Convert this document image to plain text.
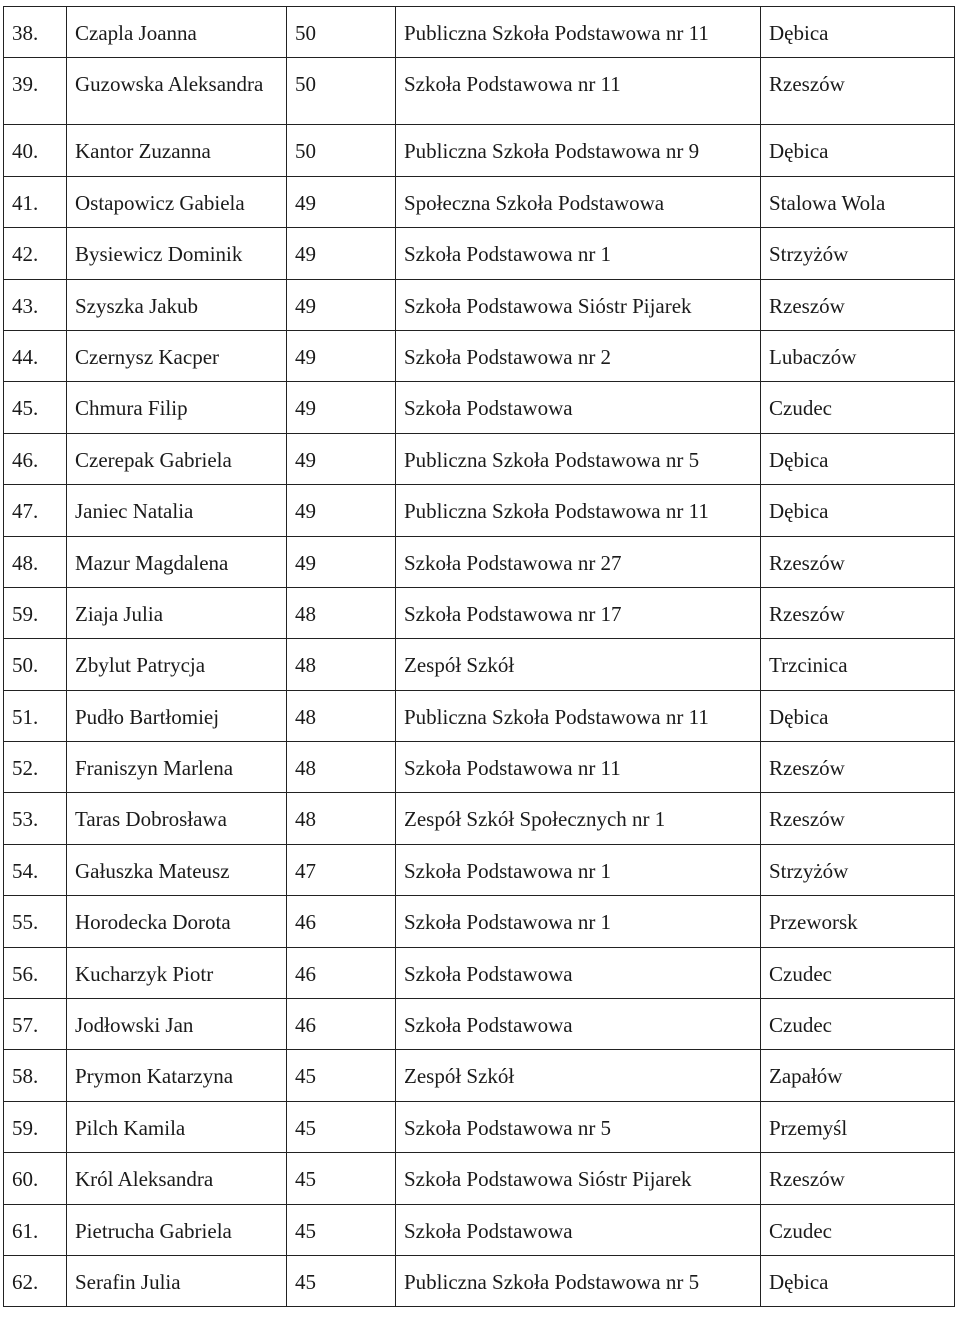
38.	Czapla Joanna	50	Publiczna Szkoła Podstawowa nr 11	Dębica
39.	Guzowska Aleksandra	50	Szkoła Podstawowa nr 11	Rzeszów
40.	Kantor Zuzanna	50	Publiczna Szkoła Podstawowa nr 9	Dębica
41.	Ostapowicz Gabiela	49	Społeczna Szkoła Podstawowa	Stalowa Wola
42.	Bysiewicz Dominik	49	Szkoła Podstawowa nr 1	Strzyżów
43.	Szyszka Jakub	49	Szkoła Podstawowa Sióstr Pijarek	Rzeszów
44.	Czernysz Kacper	49	Szkoła Podstawowa nr 2	Lubaczów
45.	Chmura Filip	49	Szkoła Podstawowa	Czudec
46.	Czerepak Gabriela	49	Publiczna Szkoła Podstawowa nr 5	Dębica
47.	Janiec Natalia	49	Publiczna Szkoła Podstawowa nr 11	Dębica
48.	Mazur Magdalena	49	Szkoła Podstawowa nr 27	Rzeszów
59.	Ziaja Julia	48	Szkoła Podstawowa nr 17	Rzeszów
50.	Zbylut Patrycja	48	Zespół Szkół	Trzcinica
51.	Pudło Bartłomiej	48	Publiczna Szkoła Podstawowa nr 11	Dębica
52.	Franiszyn Marlena	48	Szkoła Podstawowa nr 11	Rzeszów
53.	Taras Dobrosława	48	Zespół Szkół Społecznych nr 1	Rzeszów
54.	Gałuszka Mateusz	47	Szkoła Podstawowa nr 1	Strzyżów
55.	Horodecka Dorota	46	Szkoła Podstawowa nr 1	Przeworsk
56.	Kucharzyk Piotr	46	Szkoła Podstawowa	Czudec
57.	Jodłowski Jan	46	Szkoła Podstawowa	Czudec
58.	Prymon Katarzyna	45	Zespół Szkół	Zapałów
59.	Pilch Kamila	45	Szkoła Podstawowa nr 5	Przemyśl
60.	Król Aleksandra	45	Szkoła Podstawowa Sióstr Pijarek	Rzeszów
61.	Pietrucha Gabriela	45	Szkoła Podstawowa	Czudec
62.	Serafin Julia	45	Publiczna Szkoła Podstawowa nr 5	Dębica
